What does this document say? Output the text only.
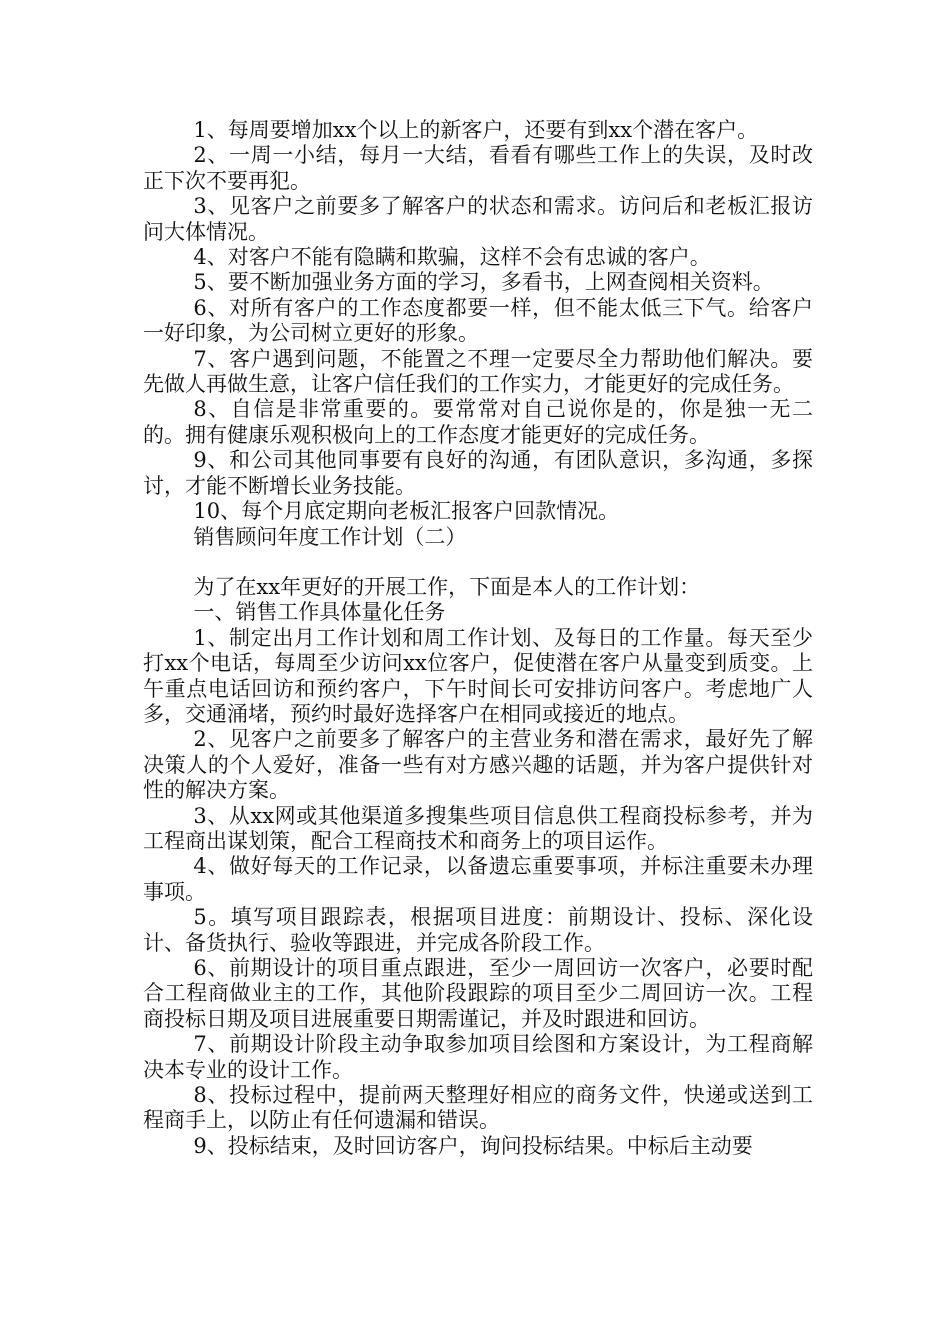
1、每周要增加xx个以上的新客户，还要有到xx个潜在客户。

2、一周一小结，每月一大结，看看有哪些工作上的失误，及时改正下次不要再犯。

3、见客户之前要多了解客户的状态和需求。访问后和老板汇报访问大体情况。

4、对客户不能有隐瞒和欺骗，这样不会有忠诚的客户。

5、要不断加强业务方面的学习，多看书，上网查阅相关资料。

6、对所有客户的工作态度都要一样，但不能太低三下气。给客户一好印象，为公司树立更好的形象。

7、客户遇到问题，不能置之不理一定要尽全力帮助他们解决。要先做人再做生意，让客户信任我们的工作实力，才能更好的完成任务。

8、自信是非常重要的。要常常对自己说你是的，你是独一无二的。拥有健康乐观积极向上的工作态度才能更好的完成任务。

9、和公司其他同事要有良好的沟通，有团队意识，多沟通，多探讨，才能不断增长业务技能。

10、每个月底定期向老板汇报客户回款情况。

销售顾问年度工作计划（二）

为了在xx年更好的开展工作，下面是本人的工作计划：

一、销售工作具体量化任务

1、制定出月工作计划和周工作计划、及每日的工作量。每天至少打xx个电话，每周至少访问xx位客户，促使潜在客户从量变到质变。上午重点电话回访和预约客户，下午时间长可安排访问客户。考虑地广人多，交通涌堵，预约时最好选择客户在相同或接近的地点。

2、见客户之前要多了解客户的主营业务和潜在需求，最好先了解决策人的个人爱好，准备一些有对方感兴趣的话题，并为客户提供针对性的解决方案。

3、从xx网或其他渠道多搜集些项目信息供工程商投标参考，并为工程商出谋划策，配合工程商技术和商务上的项目运作。

4、做好每天的工作记录，以备遗忘重要事项，并标注重要未办理事项。

5。填写项目跟踪表，根据项目进度：前期设计、投标、深化设计、备货执行、验收等跟进，并完成各阶段工作。

6、前期设计的项目重点跟进，至少一周回访一次客户，必要时配合工程商做业主的工作，其他阶段跟踪的项目至少二周回访一次。工程商投标日期及项目进展重要日期需谨记，并及时跟进和回访。

7、前期设计阶段主动争取参加项目绘图和方案设计，为工程商解决本专业的设计工作。

8、投标过程中，提前两天整理好相应的商务文件，快递或送到工程商手上，以防止有任何遗漏和错误。

9、投标结束，及时回访客户，询问投标结果。中标后主动要
